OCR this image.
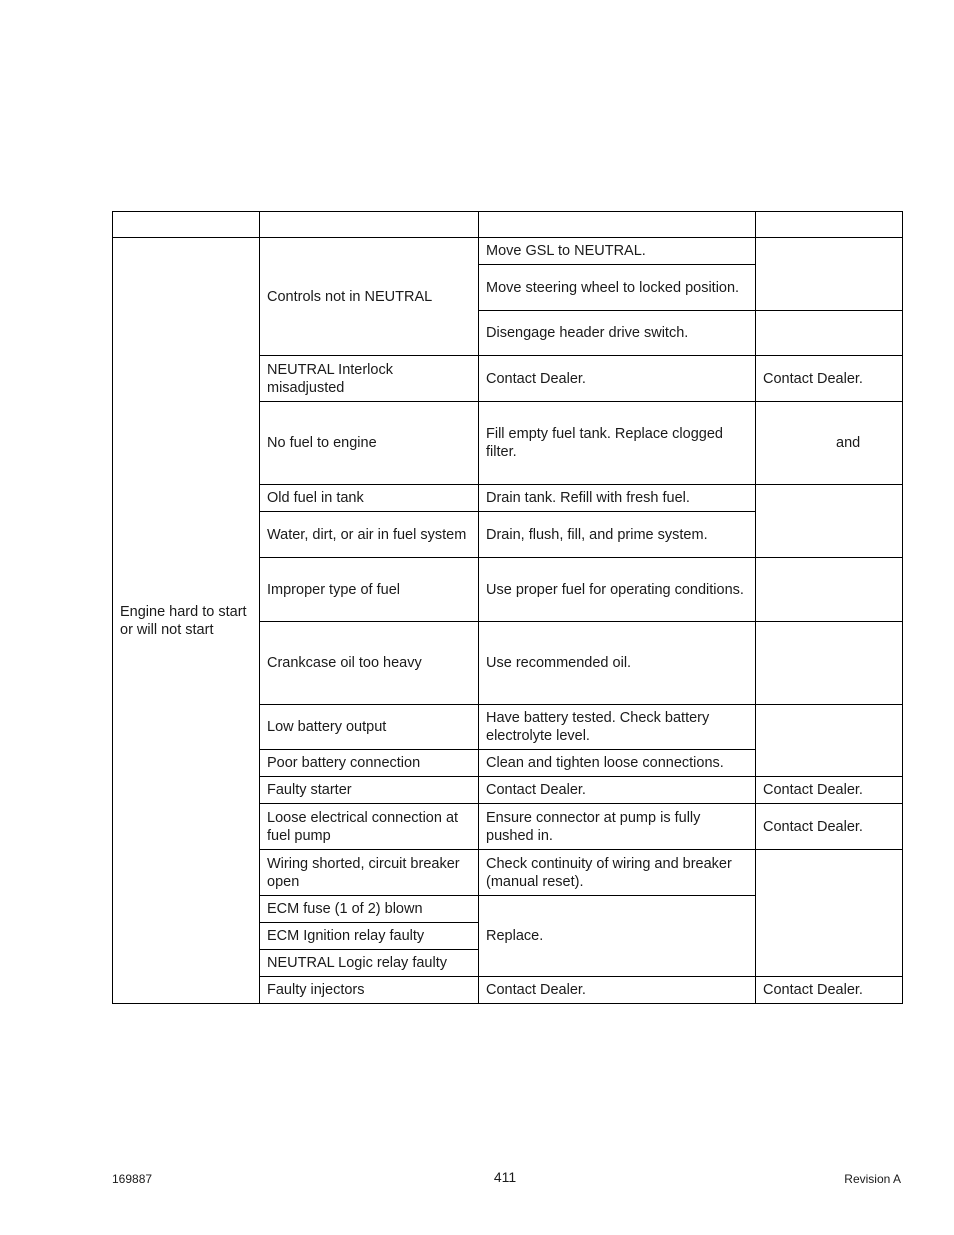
Engine hard to start or will not start	Controls not in NEUTRAL	Move GSL to NEUTRAL.	
		Move steering wheel to locked position.	
		Disengage header drive switch.	
	NEUTRAL Interlock misadjusted	Contact Dealer.	Contact Dealer.
	No fuel to engine	Fill empty fuel tank. Replace clogged filter.	and
	Old fuel in tank	Drain tank. Refill with fresh fuel.	
	Water, dirt, or air in fuel system	Drain, flush, fill, and prime system.	
	Improper type of fuel	Use proper fuel for operating conditions.	
	Crankcase oil too heavy	Use recommended oil.	
	Low battery output	Have battery tested. Check battery electrolyte level.	
	Poor battery connection	Clean and tighten loose connections.	
	Faulty starter	Contact Dealer.	Contact Dealer.
	Loose electrical connection at fuel pump	Ensure connector at pump is fully pushed in.	Contact Dealer.
	Wiring shorted, circuit breaker open	Check continuity of wiring and breaker (manual reset).	
	ECM fuse (1 of 2) blown	Replace.	
	ECM Ignition relay faulty		
	NEUTRAL Logic relay faulty		
	Faulty injectors	Contact Dealer.	Contact Dealer.
169887	411	Revision A
